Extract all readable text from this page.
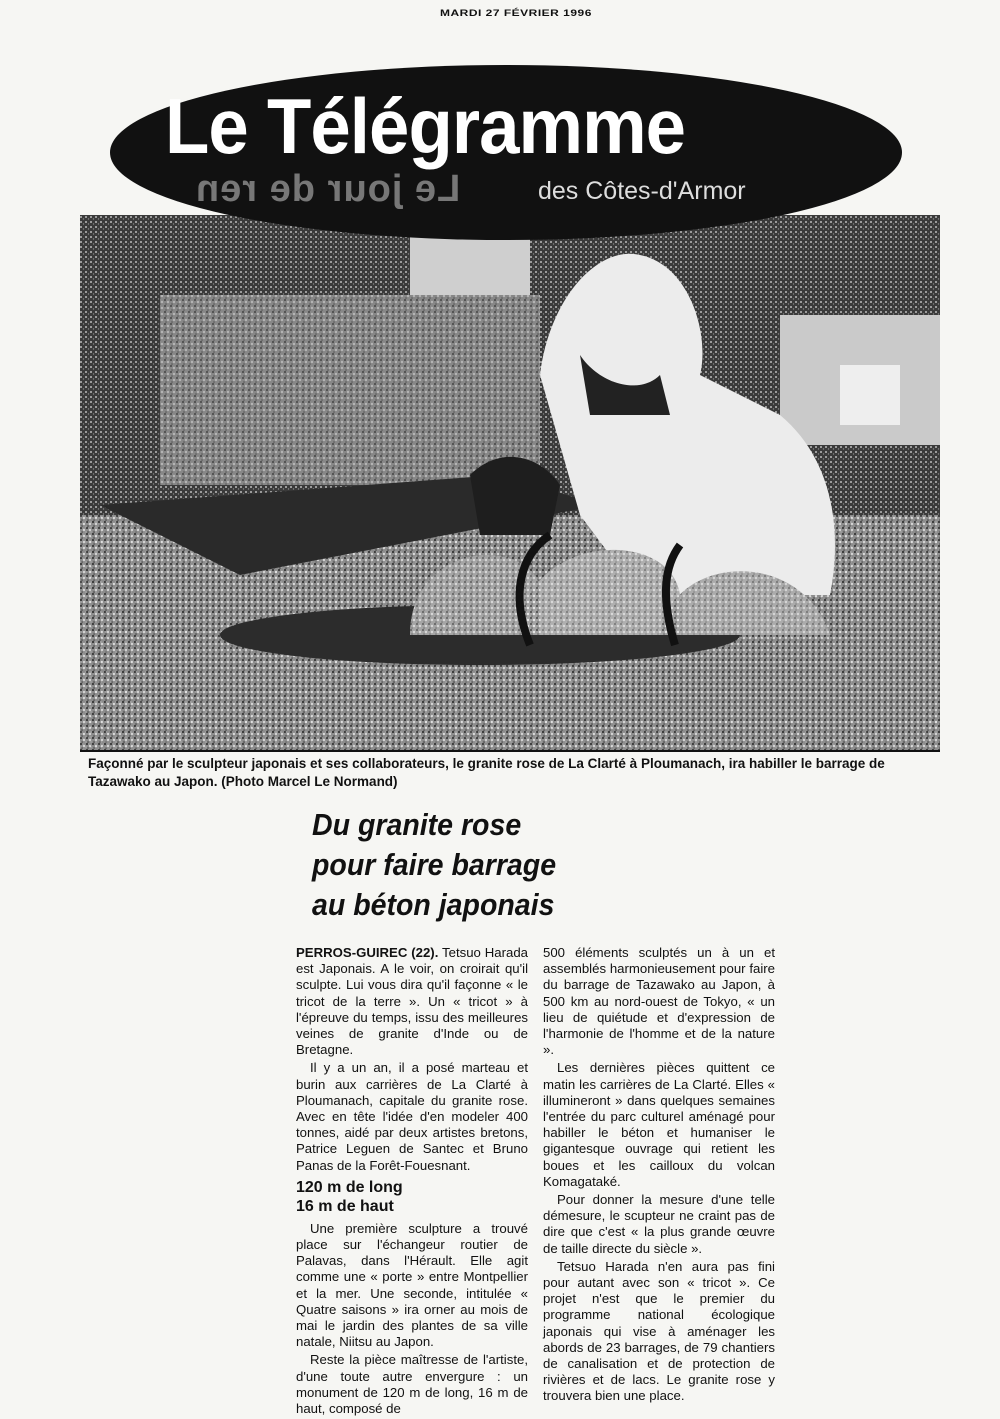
MARDI 27 FÉVRIER 1996
Le Télégramme
Le jour de ren	des Côtes-d'Armor
Façonné par le sculpteur japonais et ses collaborateurs, le granite rose de La Clarté à Ploumanach, ira habiller le barrage de Tazawako au Japon. (Photo Marcel Le Normand)
Du granite rose
pour faire barrage
au béton japonais

PERROS-GUIREC (22). Tetsuo Harada est Japonais. A le voir, on croirait qu'il sculpte. Lui vous dira qu'il façonne « le tricot de la terre ». Un « tricot » à l'épreuve du temps, issu des meilleures veines de granite d'Inde ou de Bretagne.

Il y a un an, il a posé marteau et burin aux carrières de La Clarté à Ploumanach, capitale du granite rose. Avec en tête l'idée d'en modeler 400 tonnes, aidé par deux artistes bretons, Patrice Leguen de Santec et Bruno Panas de la Forêt-Fouesnant.

120 m de long
16 m de haut

Une première sculpture a trouvé place sur l'échangeur routier de Palavas, dans l'Hérault. Elle agit comme une « porte » entre Montpellier et la mer. Une seconde, intitulée « Quatre saisons » ira orner au mois de mai le jardin des plantes de sa ville natale, Niitsu au Japon.

Reste la pièce maîtresse de l'artiste, d'une toute autre envergure : un monument de 120 m de long, 16 m de haut, composé de

500 éléments sculptés un à un et assemblés harmonieusement pour faire du barrage de Tazawako au Japon, à 500 km au nord-ouest de Tokyo, « un lieu de quiétude et d'expression de l'harmonie de l'homme et de la nature ».

Les dernières pièces quittent ce matin les carrières de La Clarté. Elles « illumineront » dans quelques semaines l'entrée du parc culturel aménagé pour habiller le béton et humaniser le gigantesque ouvrage qui retient les boues et les cailloux du volcan Komagataké.

Pour donner la mesure d'une telle démesure, le scupteur ne craint pas de dire que c'est « la plus grande œuvre de taille directe du siècle ».

Tetsuo Harada n'en aura pas fini pour autant avec son « tricot ». Ce projet n'est que le premier du programme national écologique japonais qui vise à aménager les abords de 23 barrages, de 79 chantiers de canalisation et de protection de rivières et de lacs. Le granite rose y trouvera bien une place.
